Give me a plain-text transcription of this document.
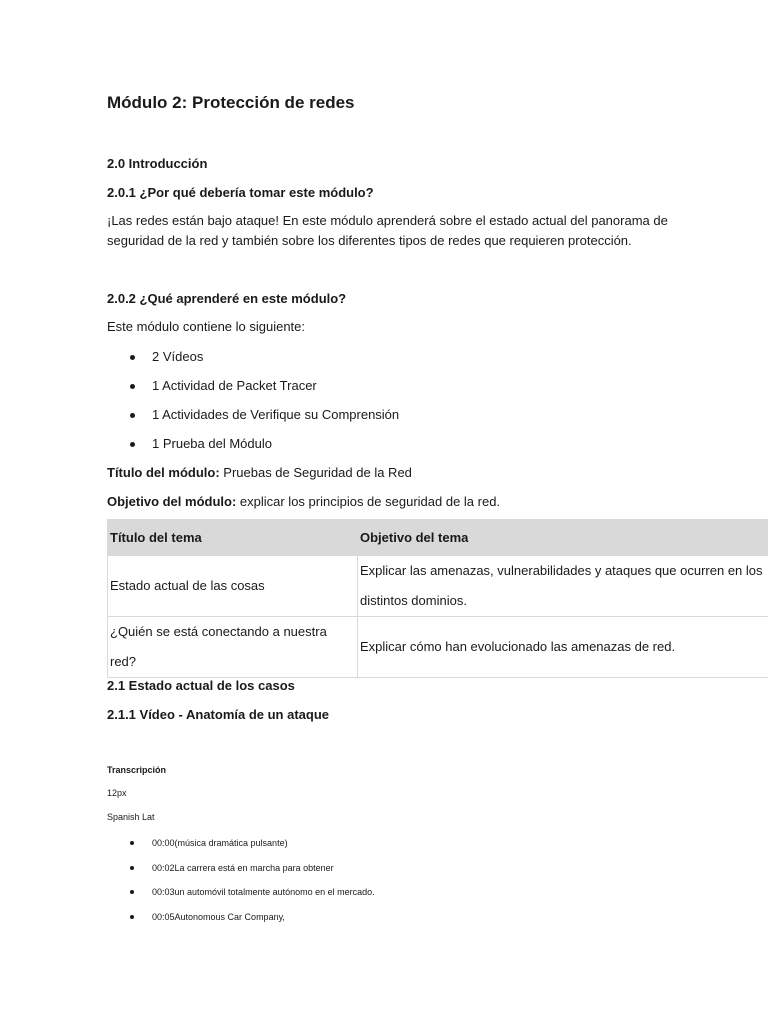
Módulo 2: Protección de redes
2.0 Introducción
2.0.1 ¿Por qué debería tomar este módulo?
¡Las redes están bajo ataque! En este módulo aprenderá sobre el estado actual del panorama de
seguridad de la red y también sobre los diferentes tipos de redes que requieren protección.
2.0.2 ¿Qué aprenderé en este módulo?
Este módulo contiene lo siguiente:
2 Vídeos
1 Actividad de Packet Tracer
1 Actividades de Verifique su Comprensión
1 Prueba del Módulo
Título del módulo: Pruebas de Seguridad de la Red
Objetivo del módulo: explicar los principios de seguridad de la red.
Título del tema	Objetivo del tema
Estado actual de las cosas	Explicar las amenazas, vulnerabilidades y ataques que ocurren en los
distintos dominios.

¿Quién se está conectando a nuestra red?	Explicar cómo han evolucionado las amenazas de red.
2.1 Estado actual de los casos
2.1.1 Vídeo - Anatomía de un ataque
Transcripción
12px
Spanish Lat
00:00(música dramática pulsante)
00:02La carrera está en marcha para obtener
00:03un automóvil totalmente autónomo en el mercado.
00:05Autonomous Car Company,
